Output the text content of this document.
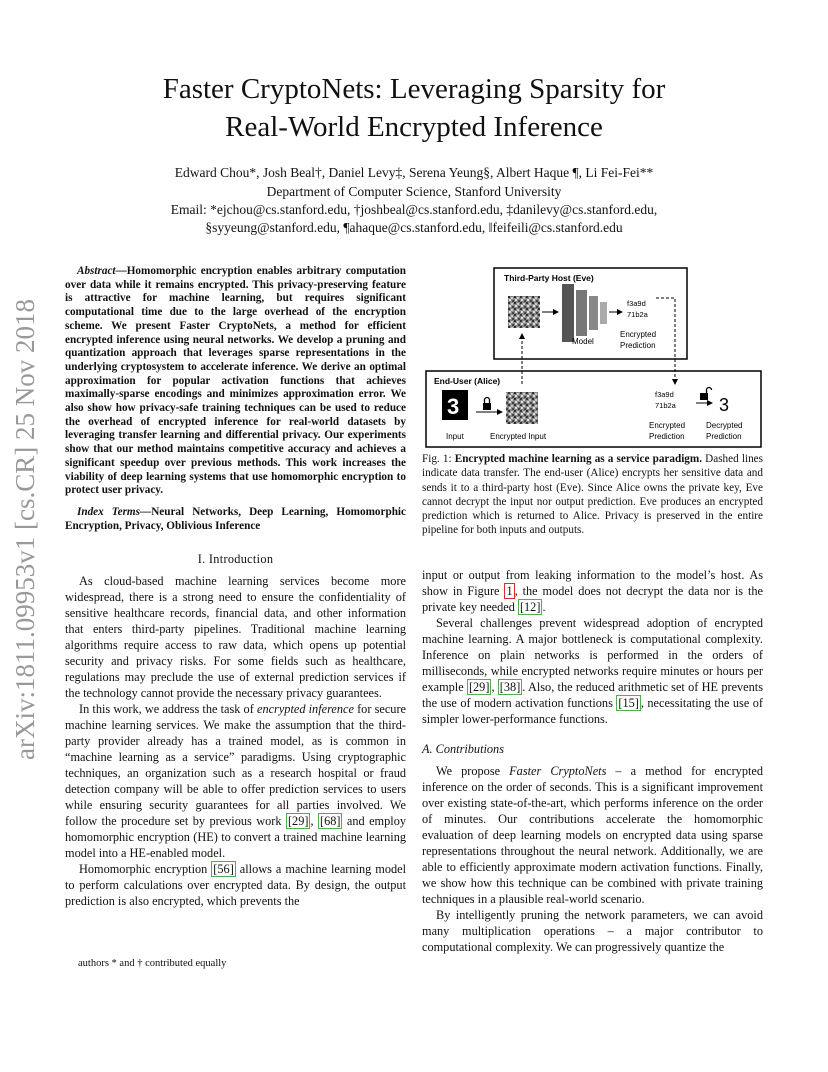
arXiv:1811.09953v1 [cs.CR] 25 Nov 2018
Faster CryptoNets: Leveraging Sparsity for
Real-World Encrypted Inference
Edward Chou*, Josh Beal†, Daniel Levy‡, Serena Yeung§, Albert Haque ¶, Li Fei-Fei**
Department of Computer Science, Stanford University
Email: *ejchou@cs.stanford.edu, †joshbeal@cs.stanford.edu, ‡danilevy@cs.stanford.edu,
§syyeung@stanford.edu, ¶ahaque@cs.stanford.edu, ‖feifeili@cs.stanford.edu
Abstract—Homomorphic encryption enables arbitrary computation over data while it remains encrypted. This privacy-preserving feature is attractive for machine learning, but requires significant computational time due to the large overhead of the encryption scheme. We present Faster CryptoNets, a method for efficient encrypted inference using neural networks. We develop a pruning and quantization approach that leverages sparse representations in the underlying cryptosystem to accelerate inference. We derive an optimal approximation for popular activation functions that achieves maximally-sparse encodings and minimizes approximation error. We also show how privacy-safe training techniques can be used to reduce the overhead of encrypted inference for real-world datasets by leveraging transfer learning and differential privacy. Our experiments show that our method maintains competitive accuracy and achieves a significant speedup over previous methods. This work increases the viability of deep learning systems that use homomorphic encryption to protect user privacy.
Index Terms—Neural Networks, Deep Learning, Homomorphic Encryption, Privacy, Oblivious Inference
I. Introduction

As cloud-based machine learning services become more widespread, there is a strong need to ensure the confidentiality of sensitive healthcare records, financial data, and other information that enters third-party pipelines. Traditional machine learning algorithms require access to raw data, which opens up potential security and privacy risks. For some fields such as healthcare, regulations may preclude the use of external prediction services if the technology cannot provide the necessary privacy guarantees.

In this work, we address the task of encrypted inference for secure machine learning services. We make the assumption that the third-party provider already has a trained model, as is common in “machine learning as a service” paradigms. Using cryptographic techniques, an organization such as a research hospital or fraud detection company will be able to offer prediction services to users while ensuring security guarantees for all parties involved. We follow the procedure set by previous work [29] , [68] and employ homomorphic encryption (HE) to convert a trained machine learning model into a HE-enabled model.

Homomorphic encryption [56] allows a machine learning model to perform calculations over encrypted data. By design, the output prediction is also encrypted, which prevents the

authors * and † contributed equally
Third-Party Host (Eve)
Model
f3a9d
71b2a
Encrypted
Prediction
End-User (Alice)
3
Input	Encrypted Input
f3a9d
71b2a 3
Encrypted
Prediction
Decrypted
Prediction
Fig. 1: Encrypted machine learning as a service paradigm. Dashed lines indicate data transfer. The end-user (Alice) encrypts her sensitive data and sends it to a third-party host (Eve). Since Alice owns the private key, Eve cannot decrypt the input nor output prediction. Eve produces an encrypted prediction which is returned to Alice. Privacy is preserved in the entire pipeline for both inputs and outputs.

input or output from leaking information to the model’s host. As show in Figure 1 , the model does not decrypt the data nor is the private key needed [12] .

Several challenges prevent widespread adoption of encrypted machine learning. A major bottleneck is computational complexity. Inference on plain networks is performed in the orders of milliseconds, while encrypted networks require minutes or hours per example [29] , [38] . Also, the reduced arithmetic set of HE prevents the use of modern activation functions [15] , necessitating the use of simpler lower-performance functions.

A. Contributions

We propose Faster CryptoNets – a method for encrypted inference on the order of seconds. This is a significant improvement over existing state-of-the-art, which performs inference on the order of minutes. Our contributions accelerate the homomorphic evaluation of deep learning models on encrypted data using sparse representations throughout the neural network. Additionally, we are able to efficiently approximate modern activation functions. Finally, we show how this technique can be combined with private training techniques in a plausible real-world scenario.

By intelligently pruning the network parameters, we can avoid many multiplication operations – a major contributor to computational complexity. We can progressively quantize the
